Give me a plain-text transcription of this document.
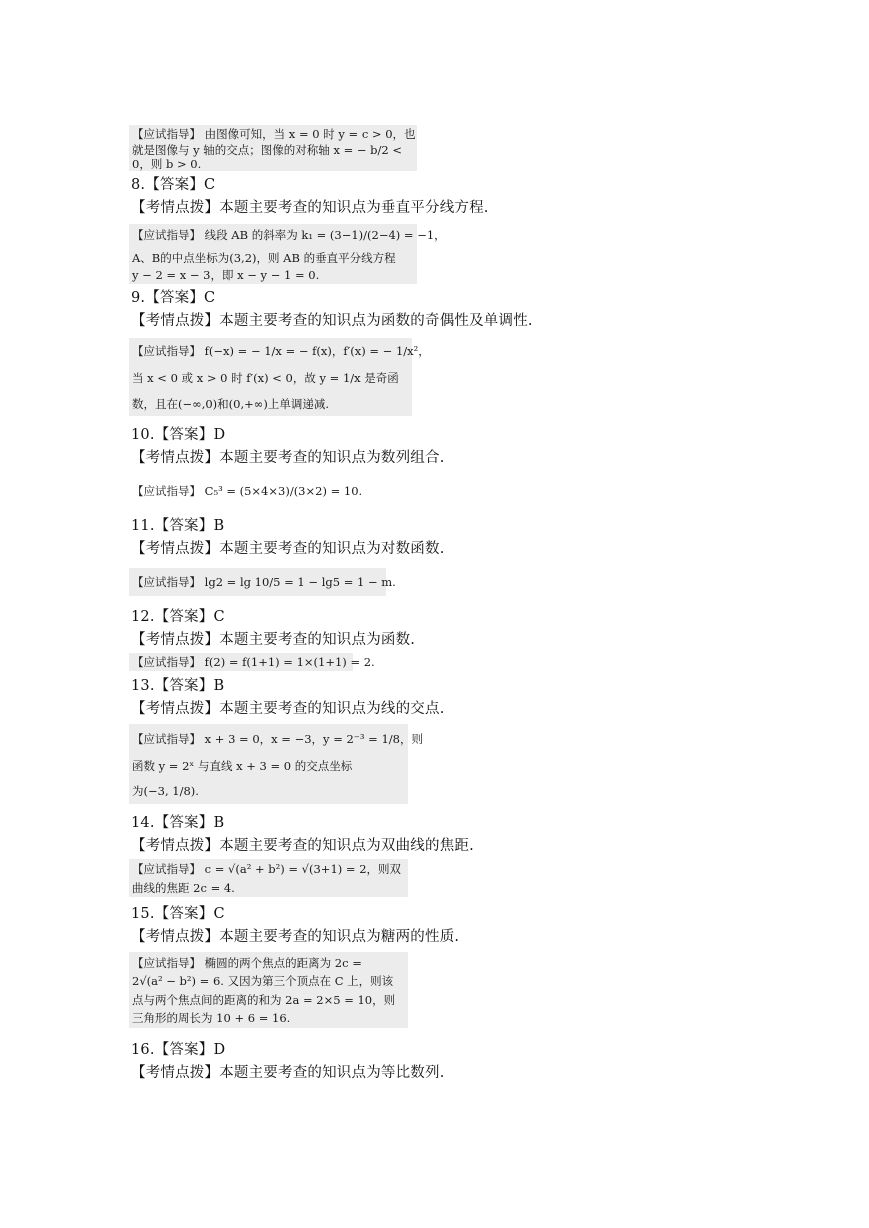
【应试指导】 由图像可知，当 x = 0 时 y = c > 0，也
就是图像与 y 轴的交点；图像的对称轴 x = − b/2 <
0，则 b > 0.
8.【答案】C
【考情点拨】本题主要考查的知识点为垂直平分线方程.
【应试指导】 线段 AB 的斜率为 k₁ = (3−1)/(2−4) = −1，
A、B的中点坐标为(3,2)，则 AB 的垂直平分线方程
y − 2 = x − 3，即 x − y − 1 = 0.
9.【答案】C
【考情点拨】本题主要考查的知识点为函数的奇偶性及单调性.
【应试指导】 f(−x) = − 1/x = − f(x)，f′(x) = − 1/x²，
当 x < 0 或 x > 0 时 f′(x) < 0，故 y = 1/x 是奇函
数，且在(−∞,0)和(0,+∞)上单调递减.
10.【答案】D
【考情点拨】本题主要考查的知识点为数列组合.
【应试指导】 C₅³ = (5×4×3)/(3×2) = 10.
11.【答案】B
【考情点拨】本题主要考查的知识点为对数函数.
【应试指导】 lg2 = lg 10/5 = 1 − lg5 = 1 − m.
12.【答案】C
【考情点拨】本题主要考查的知识点为函数.
【应试指导】 f(2) = f(1+1) = 1×(1+1) = 2.
13.【答案】B
【考情点拨】本题主要考查的知识点为线的交点.
【应试指导】 x + 3 = 0，x = −3，y = 2⁻³ = 1/8，则
函数 y = 2ˣ 与直线 x + 3 = 0 的交点坐标
为(−3, 1/8).
14.【答案】B
【考情点拨】本题主要考查的知识点为双曲线的焦距.
【应试指导】 c = √(a² + b²) = √(3+1) = 2，则双
曲线的焦距 2c = 4.
15.【答案】C
【考情点拨】本题主要考查的知识点为糖两的性质.
【应试指导】 椭圆的两个焦点的距离为 2c =
2√(a² − b²) = 6. 又因为第三个顶点在 C 上，则该
点与两个焦点间的距离的和为 2a = 2×5 = 10，则
三角形的周长为 10 + 6 = 16.
16.【答案】D
【考情点拨】本题主要考查的知识点为等比数列.
